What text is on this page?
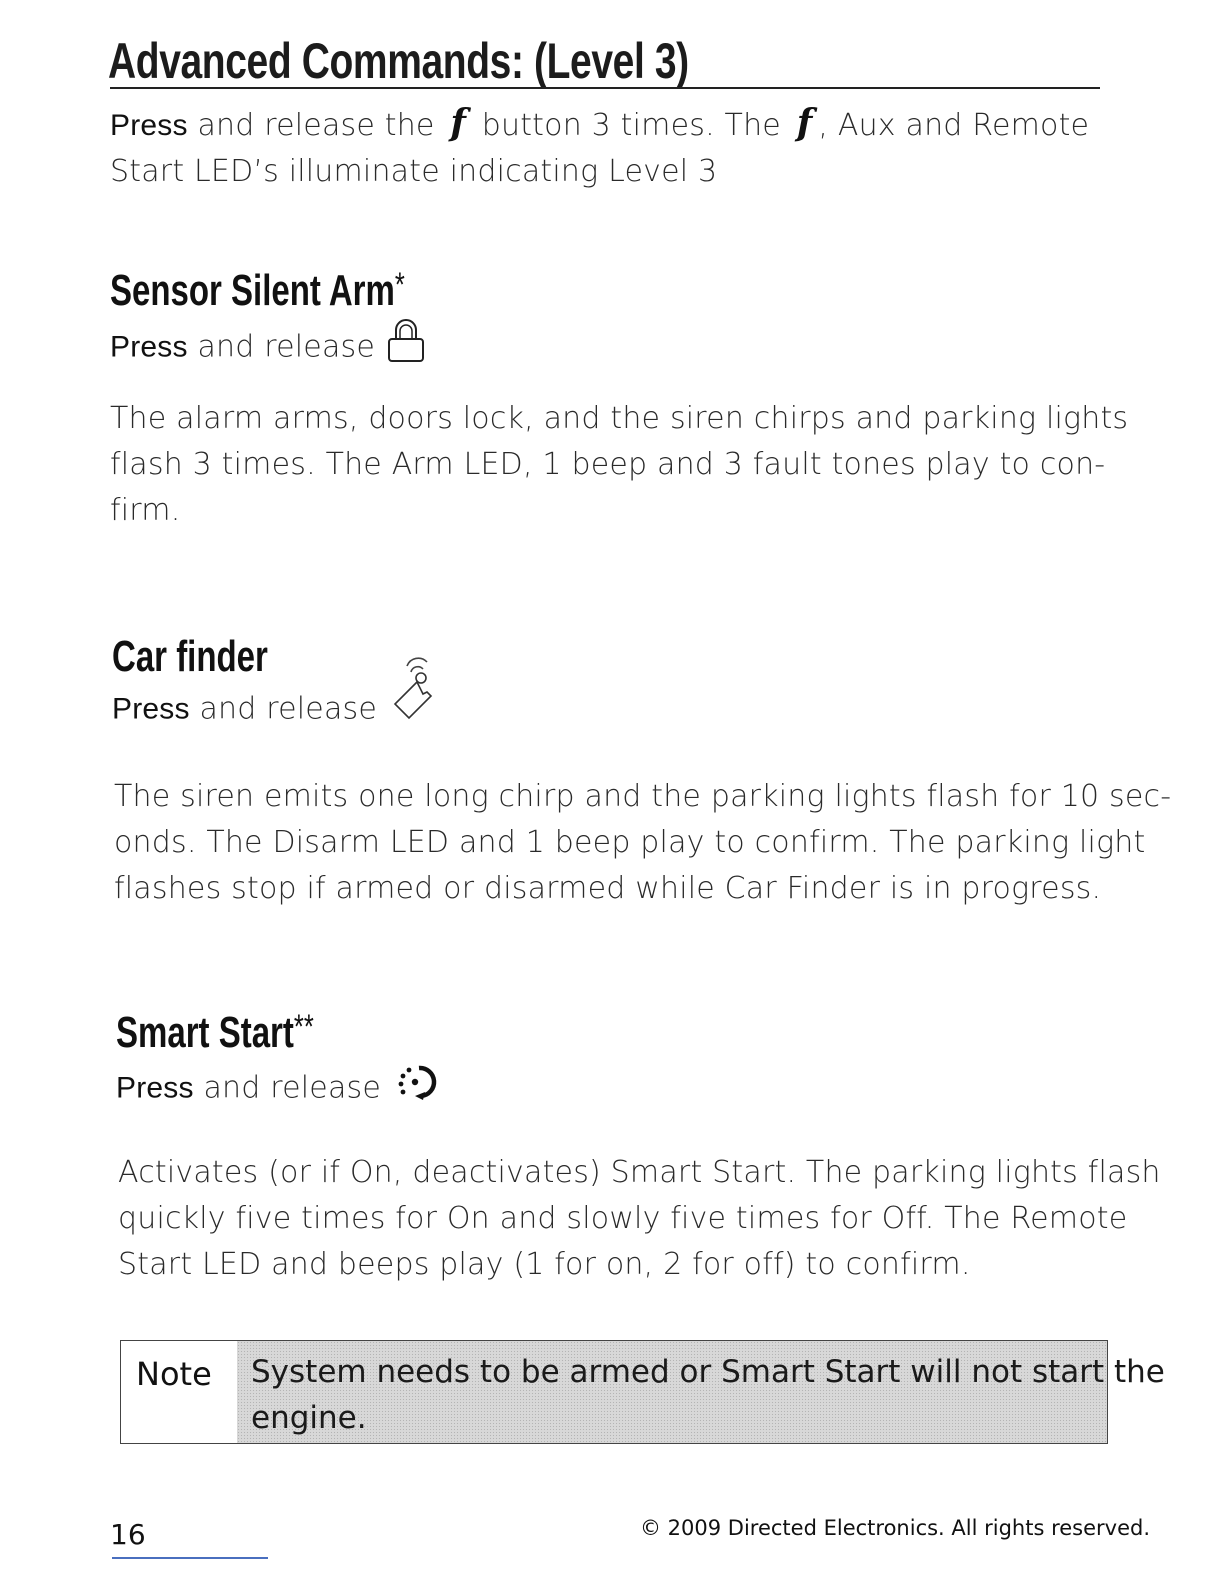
Advanced Commands: (Level 3)
Press and release the f button 3 times. The f , Aux and Remote
Start LED’s illuminate indicating Level 3
Sensor Silent Arm*
Press and release
The alarm arms, doors lock, and the siren chirps and parking lights
flash 3 times. The Arm LED, 1 beep and 3 fault tones play to con-
firm.
Car finder
Press and release
The siren emits one long chirp and the parking lights flash for 10 sec-
onds. The Disarm LED and 1 beep play to confirm. The parking light
flashes stop if armed or disarmed while Car Finder is in progress.
Smart Start**
Press and release
Activates (or if On, deactivates) Smart Start. The parking lights flash
quickly five times for On and slowly five times for Off. The Remote
Start LED and beeps play (1 for on, 2 for off) to confirm.
Note	System needs to be armed or Smart Start will not start the
engine.
16	© 2009 Directed Electronics. All rights reserved.
